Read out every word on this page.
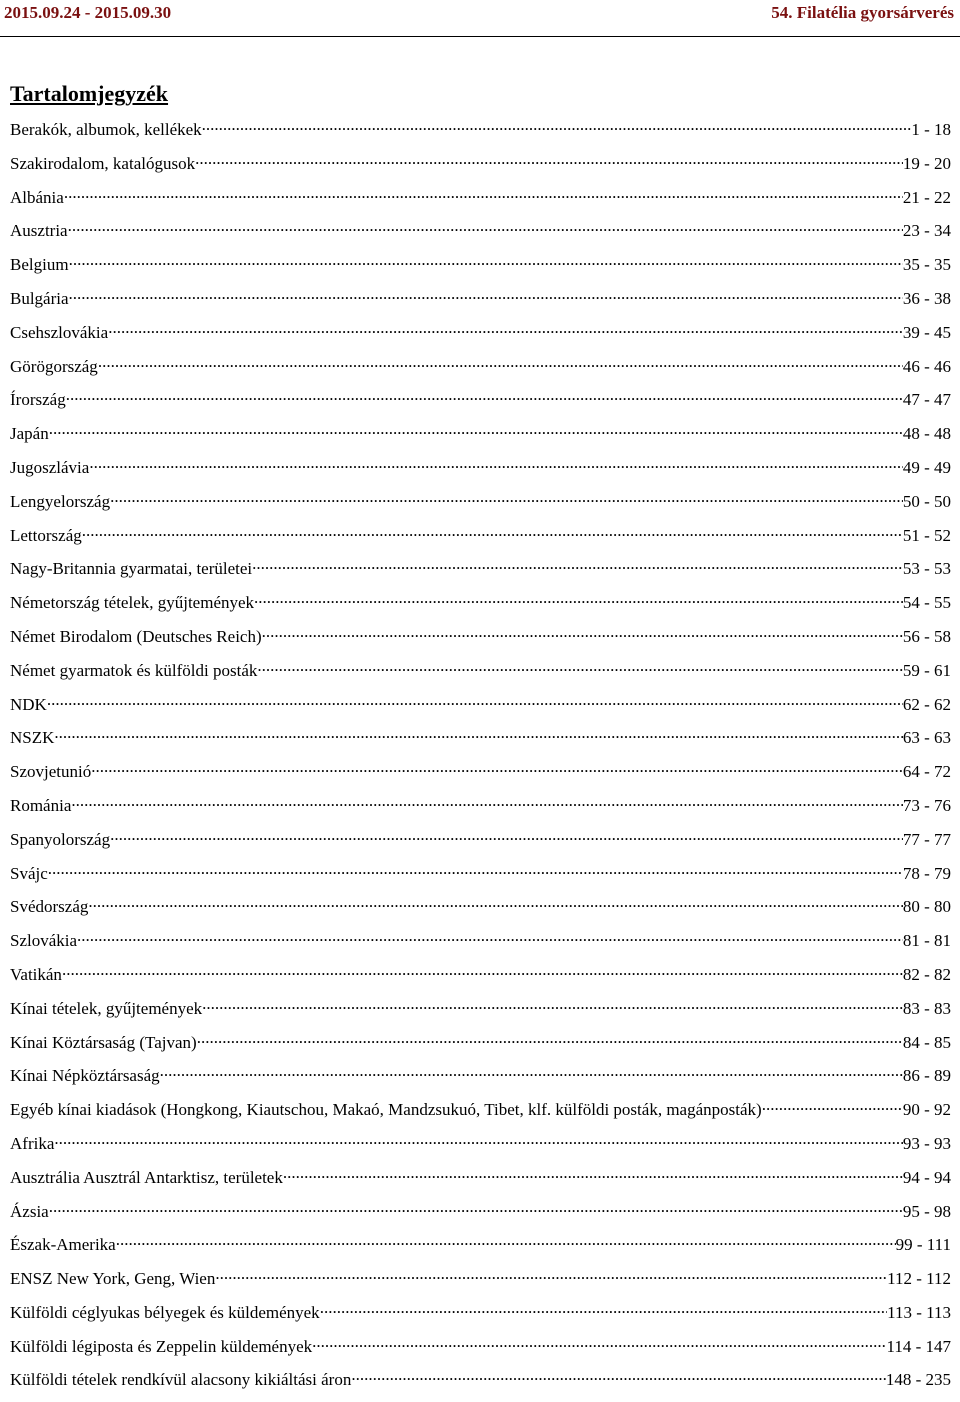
2015.09.24 - 2015.09.30	54. Filatélia gyorsárverés
Tartalomjegyzék
Berakók, albumok, kellékek .....	1 - 18
Szakirodalom, katalógusok .....	19 - 20
Albánia .....	21 - 22
Ausztria .....	23 - 34
Belgium .....	35 - 35
Bulgária .....	36 - 38
Csehszlovákia .....	39 - 45
Görögország .....	46 - 46
Írország .....	47 - 47
Japán .....	48 - 48
Jugoszlávia .....	49 - 49
Lengyelország .....	50 - 50
Lettország .....	51 - 52
Nagy-Britannia gyarmatai, területei .....	53 - 53
Németország tételek, gyűjtemények .....	54 - 55
Német Birodalom (Deutsches Reich) .....	56 - 58
Német gyarmatok és külföldi posták .....	59 - 61
NDK .....	62 - 62
NSZK .....	63 - 63
Szovjetunió .....	64 - 72
Románia .....	73 - 76
Spanyolország .....	77 - 77
Svájc .....	78 - 79
Svédország .....	80 - 80
Szlovákia .....	81 - 81
Vatikán .....	82 - 82
Kínai tételek, gyűjtemények .....	83 - 83
Kínai Köztársaság (Tajvan) .....	84 - 85
Kínai Népköztársaság .....	86 - 89
Egyéb kínai kiadások (Hongkong, Kiautschou, Makaó, Mandzsukuó, Tibet, klf. külföldi posták, magánposták) .....	90 - 92
Afrika .....	93 - 93
Ausztrália Ausztrál Antarktisz, területek .....	94 - 94
Ázsia .....	95 - 98
Észak-Amerika .....	99 - 111
ENSZ New York, Geng, Wien .....	112 - 112
Külföldi céglyukas bélyegek és küldemények .....	113 - 113
Külföldi légiposta és Zeppelin küldemények .....	114 - 147
Külföldi tételek rendkívül alacsony kikiáltási áron .....	148 - 235
